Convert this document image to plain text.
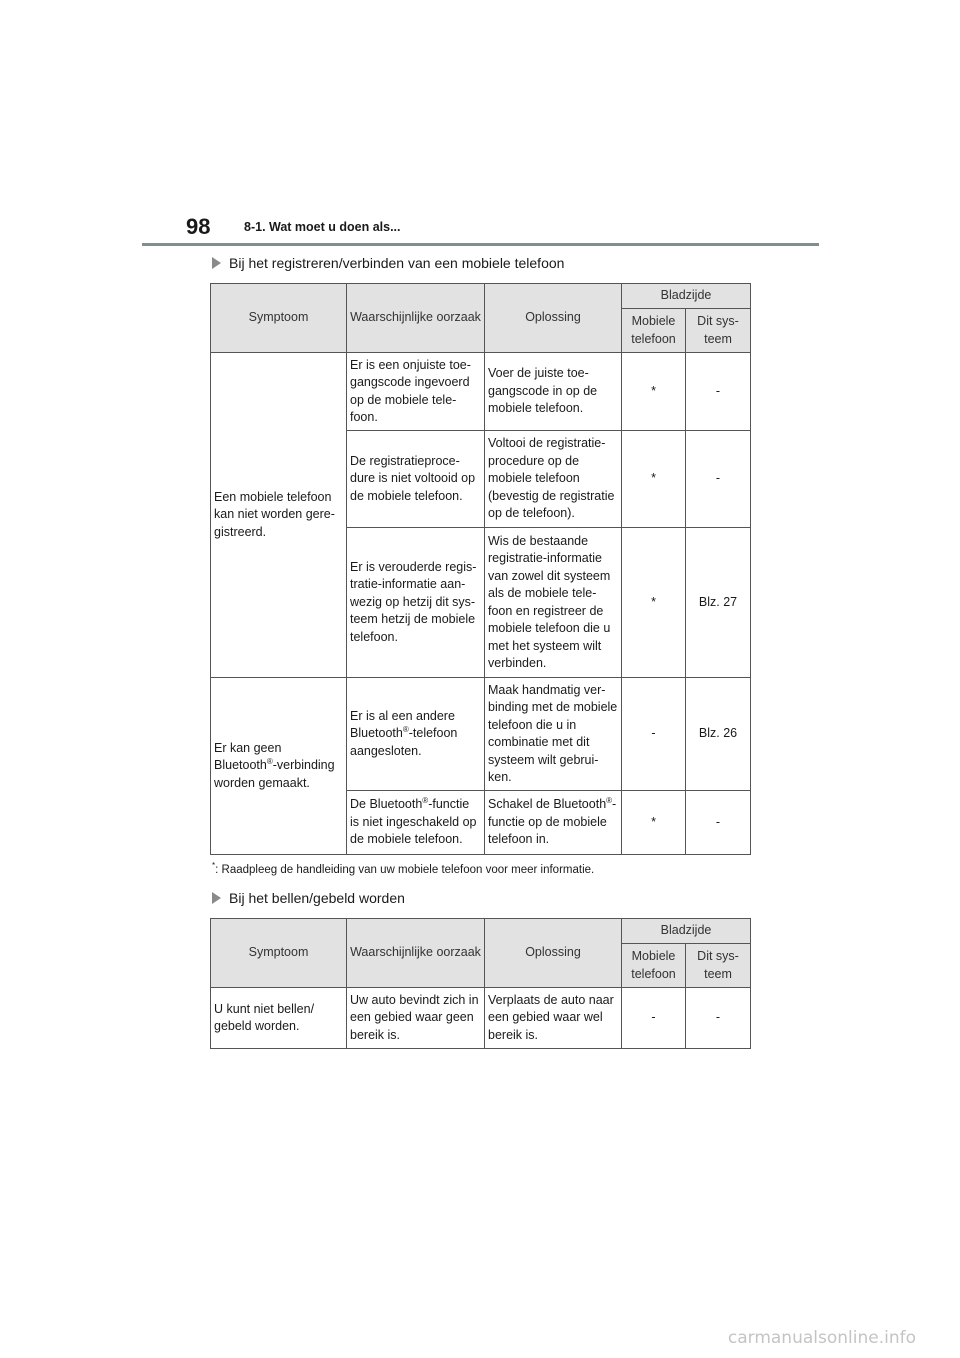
98	8-1. Wat moet u doen als...
Bij het registreren/verbinden van een mobiele telefoon
Symptoom	Waarschijnlijke oorzaak	Oplossing	Bladzijde	
			Mobiele telefoon	Dit sys-teem
Een mobiele telefoon kan niet worden gere-gistreerd.	Er is een onjuiste toe-gangscode ingevoerd op de mobiele tele-foon.	Voer de juiste toe-gangscode in op de mobiele telefoon.	*	-
	De registratieproce-dure is niet voltooid op de mobiele telefoon.	Voltooi de registratie-procedure op de mobiele telefoon (bevestig de registratie op de telefoon).	*	-
	Er is verouderde regis-tratie-informatie aan-wezig op hetzij dit sys-teem hetzij de mobiele telefoon.	Wis de bestaande registratie-informatie van zowel dit systeem als de mobiele tele-foon en registreer de mobiele telefoon die u met het systeem wilt verbinden.	*	Blz. 27
Er kan geen Bluetooth®-verbinding worden gemaakt.	Er is al een andere Bluetooth®-telefoon aangesloten.	Maak handmatig ver-binding met de mobiele telefoon die u in combinatie met dit systeem wilt gebrui-ken.	-	Blz. 26
	De Bluetooth®-functie is niet ingeschakeld op de mobiele telefoon.	Schakel de Bluetooth®-functie op de mobiele telefoon in.	*	-
*: Raadpleeg de handleiding van uw mobiele telefoon voor meer informatie.
Bij het bellen/gebeld worden
Symptoom	Waarschijnlijke oorzaak	Oplossing	Bladzijde	
			Mobiele telefoon	Dit sys-teem
U kunt niet bellen/ gebeld worden.	Uw auto bevindt zich in een gebied waar geen bereik is.	Verplaats de auto naar een gebied waar wel bereik is.	-	-
carmanualsonline.info
